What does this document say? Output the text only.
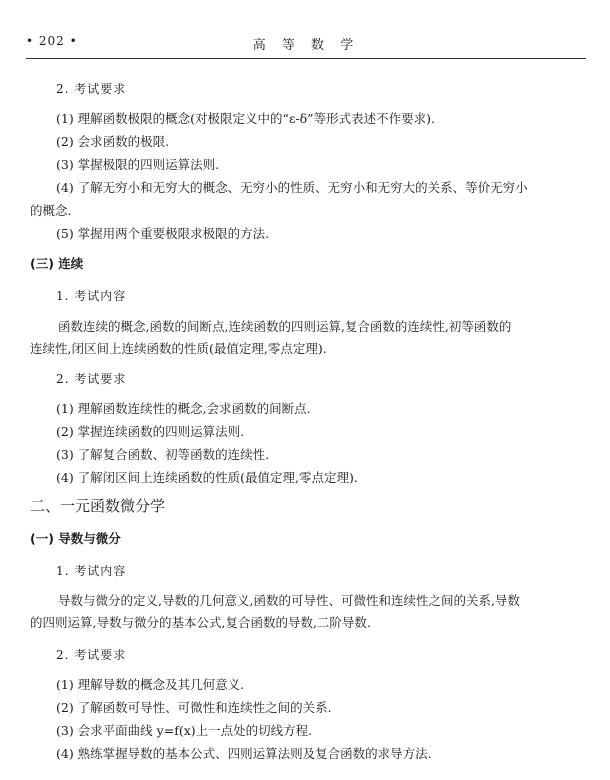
• 202 •	高 等 数 学
2. 考试要求
(1) 理解函数极限的概念(对极限定义中的“ε-δ”等形式表述不作要求).
(2) 会求函数的极限.
(3) 掌握极限的四则运算法则.
(4) 了解无穷小和无穷大的概念、无穷小的性质、无穷小和无穷大的关系、等价无穷小
的概念.
(5) 掌握用两个重要极限求极限的方法.
(三) 连续
1. 考试内容
函数连续的概念,函数的间断点,连续函数的四则运算,复合函数的连续性,初等函数的
连续性,闭区间上连续函数的性质(最值定理,零点定理).
2. 考试要求
(1) 理解函数连续性的概念,会求函数的间断点.
(2) 掌握连续函数的四则运算法则.
(3) 了解复合函数、初等函数的连续性.
(4) 了解闭区间上连续函数的性质(最值定理,零点定理).
二、一元函数微分学
(一) 导数与微分
1. 考试内容
导数与微分的定义,导数的几何意义,函数的可导性、可微性和连续性之间的关系,导数
的四则运算,导数与微分的基本公式,复合函数的导数,二阶导数.
2. 考试要求
(1) 理解导数的概念及其几何意义.
(2) 了解函数可导性、可微性和连续性之间的关系.
(3) 会求平面曲线 y=f(x)上一点处的切线方程.
(4) 熟练掌握导数的基本公式、四则运算法则及复合函数的求导方法.
